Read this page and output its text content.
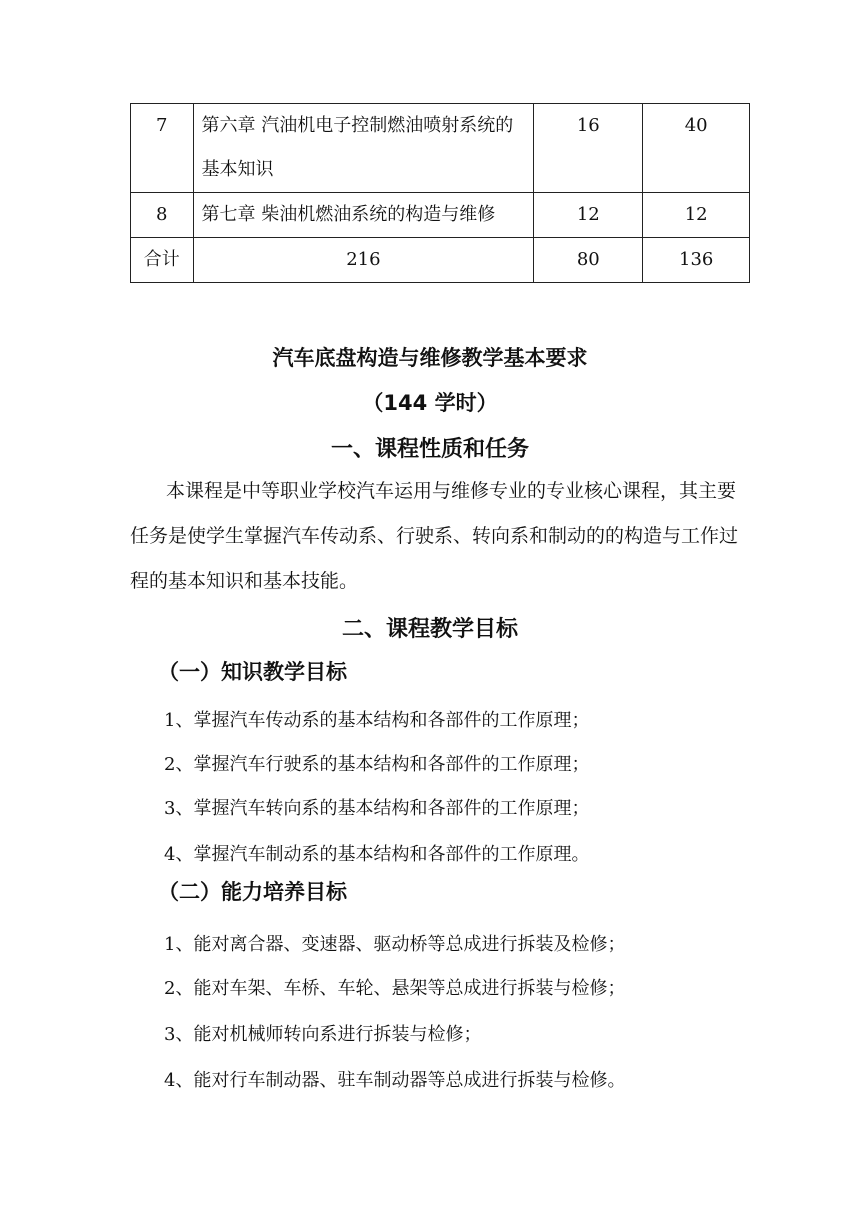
7	第六章 汽油机电子控制燃油喷射系统的基本知识	16	40
8	第七章 柴油机燃油系统的构造与维修	12	12
合计	216	80	136
汽车底盘构造与维修教学基本要求
（144 学时）
一、课程性质和任务

本课程是中等职业学校汽车运用与维修专业的专业核心课程，其主要任务是使学生掌握汽车传动系、行驶系、转向系和制动的的构造与工作过程的基本知识和基本技能。

二、课程教学目标
（一）知识教学目标
1、掌握汽车传动系的基本结构和各部件的工作原理；
2、掌握汽车行驶系的基本结构和各部件的工作原理；
3、掌握汽车转向系的基本结构和各部件的工作原理；
4、掌握汽车制动系的基本结构和各部件的工作原理。
（二）能力培养目标
1、能对离合器、变速器、驱动桥等总成进行拆装及检修；
2、能对车架、车桥、车轮、悬架等总成进行拆装与检修；
3、能对机械师转向系进行拆装与检修；
4、能对行车制动器、驻车制动器等总成进行拆装与检修。
